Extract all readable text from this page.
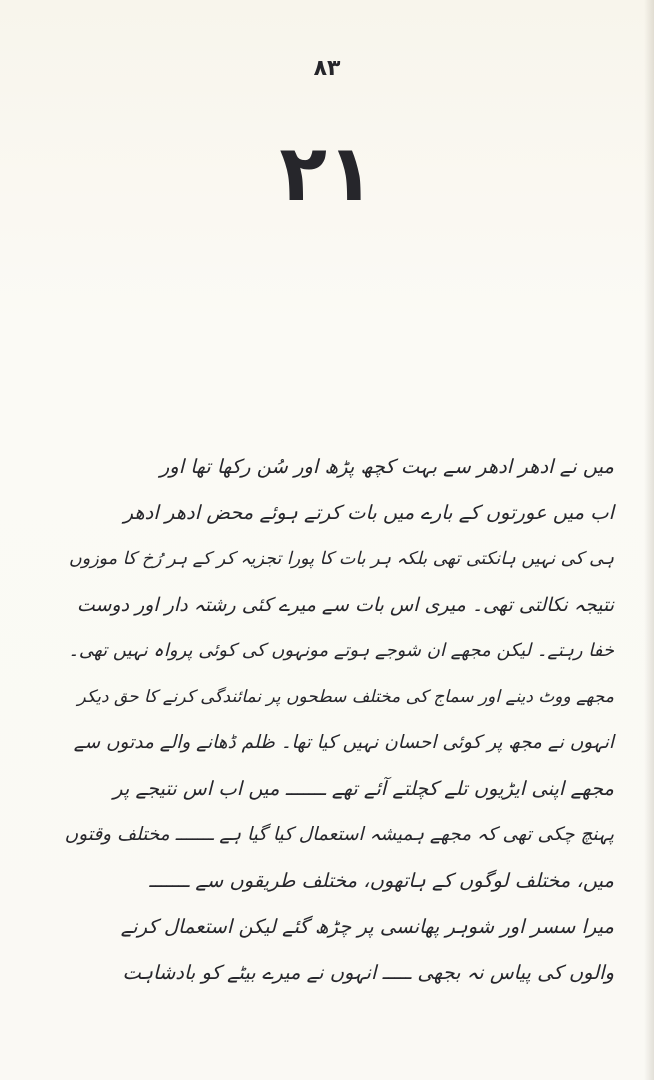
۸۳
۲۱
میں نے ادھر ادھر سے بہت کچھ پڑھ اور سُن رکھا تھا اور
اب میں عورتوں کے بارے میں بات کرتے ہوئے محض ادھر ادھر
ہی کی نہیں ہانکتی تھی بلکہ ہر بات کا پورا تجزیہ کر کے ہر رُخ کا موزوں
نتیجہ نکالتی تھی۔ میری اس بات سے میرے کئی رشتہ دار اور دوست
خفا رہتے۔ لیکن مجھے ان شوجے ہوتے مونہوں کی کوئی پرواہ نہیں تھی۔
مجھے ووٹ دینے اور سماج کی مختلف سطحوں پر نمائندگی کرنے کا حق دیکر
انہوں نے مجھ پر کوئی احسان نہیں کیا تھا۔ ظلم ڈھانے والے مدتوں سے
مجھے اپنی ایڑیوں تلے کچلتے آئے تھے ـــــــ میں اب اس نتیجے پر
پہنچ چکی تھی کہ مجھے ہمیشہ استعمال کیا گیا ہے ـــــــ مختلف وقتوں
میں، مختلف لوگوں کے ہاتھوں، مختلف طریقوں سے ـــــــ
میرا سسر اور شوہر پھانسی پر چڑھ گئے لیکن استعمال کرنے
والوں کی پیاس نہ بجھی ـــــ انہوں نے میرے بیٹے کو بادشاہت
